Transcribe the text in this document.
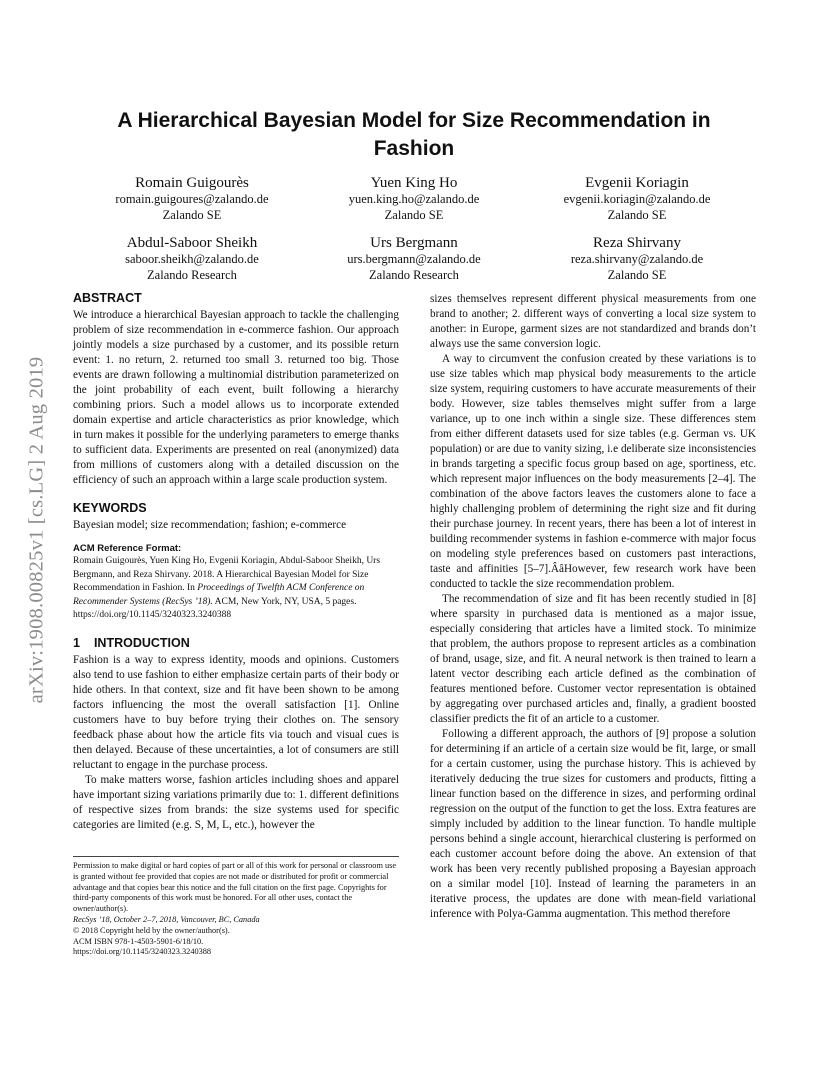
arXiv:1908.00825v1 [cs.LG] 2 Aug 2019
A Hierarchical Bayesian Model for Size Recommendation in Fashion
Romain Guigourès
romain.guigoures@zalando.de
Zalando SE
Yuen King Ho
yuen.king.ho@zalando.de
Zalando SE
Evgenii Koriagin
evgenii.koriagin@zalando.de
Zalando SE
Abdul-Saboor Sheikh
saboor.sheikh@zalando.de
Zalando Research
Urs Bergmann
urs.bergmann@zalando.de
Zalando Research
Reza Shirvany
reza.shirvany@zalando.de
Zalando SE
ABSTRACT

We introduce a hierarchical Bayesian approach to tackle the challenging problem of size recommendation in e-commerce fashion. Our approach jointly models a size purchased by a customer, and its possible return event: 1. no return, 2. returned too small 3. returned too big. Those events are drawn following a multinomial distribution parameterized on the joint probability of each event, built following a hierarchy combining priors. Such a model allows us to incorporate extended domain expertise and article characteristics as prior knowledge, which in turn makes it possible for the underlying parameters to emerge thanks to sufficient data. Experiments are presented on real (anonymized) data from millions of customers along with a detailed discussion on the efficiency of such an approach within a large scale production system.

KEYWORDS

Bayesian model; size recommendation; fashion; e-commerce

ACM Reference Format:
Romain Guigourès, Yuen King Ho, Evgenii Koriagin, Abdul-Saboor Sheikh, Urs Bergmann, and Reza Shirvany. 2018. A Hierarchical Bayesian Model for Size Recommendation in Fashion. In Proceedings of Twelfth ACM Conference on Recommender Systems (RecSys ’18). ACM, New York, NY, USA, 5 pages. https://doi.org/10.1145/3240323.3240388
1 INTRODUCTION

Fashion is a way to express identity, moods and opinions. Customers also tend to use fashion to either emphasize certain parts of their body or hide others. In that context, size and fit have been shown to be among factors influencing the most the overall satisfaction [1]. Online customers have to buy before trying their clothes on. The sensory feedback phase about how the article fits via touch and visual cues is then delayed. Because of these uncertainties, a lot of consumers are still reluctant to engage in the purchase process.

To make matters worse, fashion articles including shoes and apparel have important sizing variations primarily due to: 1. different definitions of respective sizes from brands: the size systems used for specific categories are limited (e.g. S, M, L, etc.), however the

Permission to make digital or hard copies of part or all of this work for personal or classroom use is granted without fee provided that copies are not made or distributed for profit or commercial advantage and that copies bear this notice and the full citation on the first page. Copyrights for third-party components of this work must be honored. For all other uses, contact the owner/author(s).

RecSys ’18, October 2–7, 2018, Vancouver, BC, Canada

© 2018 Copyright held by the owner/author(s).

ACM ISBN 978-1-4503-5901-6/18/10.

https://doi.org/10.1145/3240323.3240388

sizes themselves represent different physical measurements from one brand to another; 2. different ways of converting a local size system to another: in Europe, garment sizes are not standardized and brands don’t always use the same conversion logic.

A way to circumvent the confusion created by these variations is to use size tables which map physical body measurements to the article size system, requiring customers to have accurate measurements of their body. However, size tables themselves might suffer from a large variance, up to one inch within a single size. These differences stem from either different datasets used for size tables (e.g. German vs. UK population) or are due to vanity sizing, i.e deliberate size inconsistencies in brands targeting a specific focus group based on age, sportiness, etc. which represent major influences on the body measurements [2–4]. The combination of the above factors leaves the customers alone to face a highly challenging problem of determining the right size and fit during their purchase journey. In recent years, there has been a lot of interest in building recommender systems in fashion e-commerce with major focus on modeling style preferences based on customers past interactions, taste and affinities [5–7].ÂâHowever, few research work have been conducted to tackle the size recommendation problem.

The recommendation of size and fit has been recently studied in [8] where sparsity in purchased data is mentioned as a major issue, especially considering that articles have a limited stock. To minimize that problem, the authors propose to represent articles as a combination of brand, usage, size, and fit. A neural network is then trained to learn a latent vector describing each article defined as the combination of features mentioned before. Customer vector representation is obtained by aggregating over purchased articles and, finally, a gradient boosted classifier predicts the fit of an article to a customer.

Following a different approach, the authors of [9] propose a solution for determining if an article of a certain size would be fit, large, or small for a certain customer, using the purchase history. This is achieved by iteratively deducing the true sizes for customers and products, fitting a linear function based on the difference in sizes, and performing ordinal regression on the output of the function to get the loss. Extra features are simply included by addition to the linear function. To handle multiple persons behind a single account, hierarchical clustering is performed on each customer account before doing the above. An extension of that work has been very recently published proposing a Bayesian approach on a similar model [10]. Instead of learning the parameters in an iterative process, the updates are done with mean-field variational inference with Polya-Gamma augmentation. This method therefore
